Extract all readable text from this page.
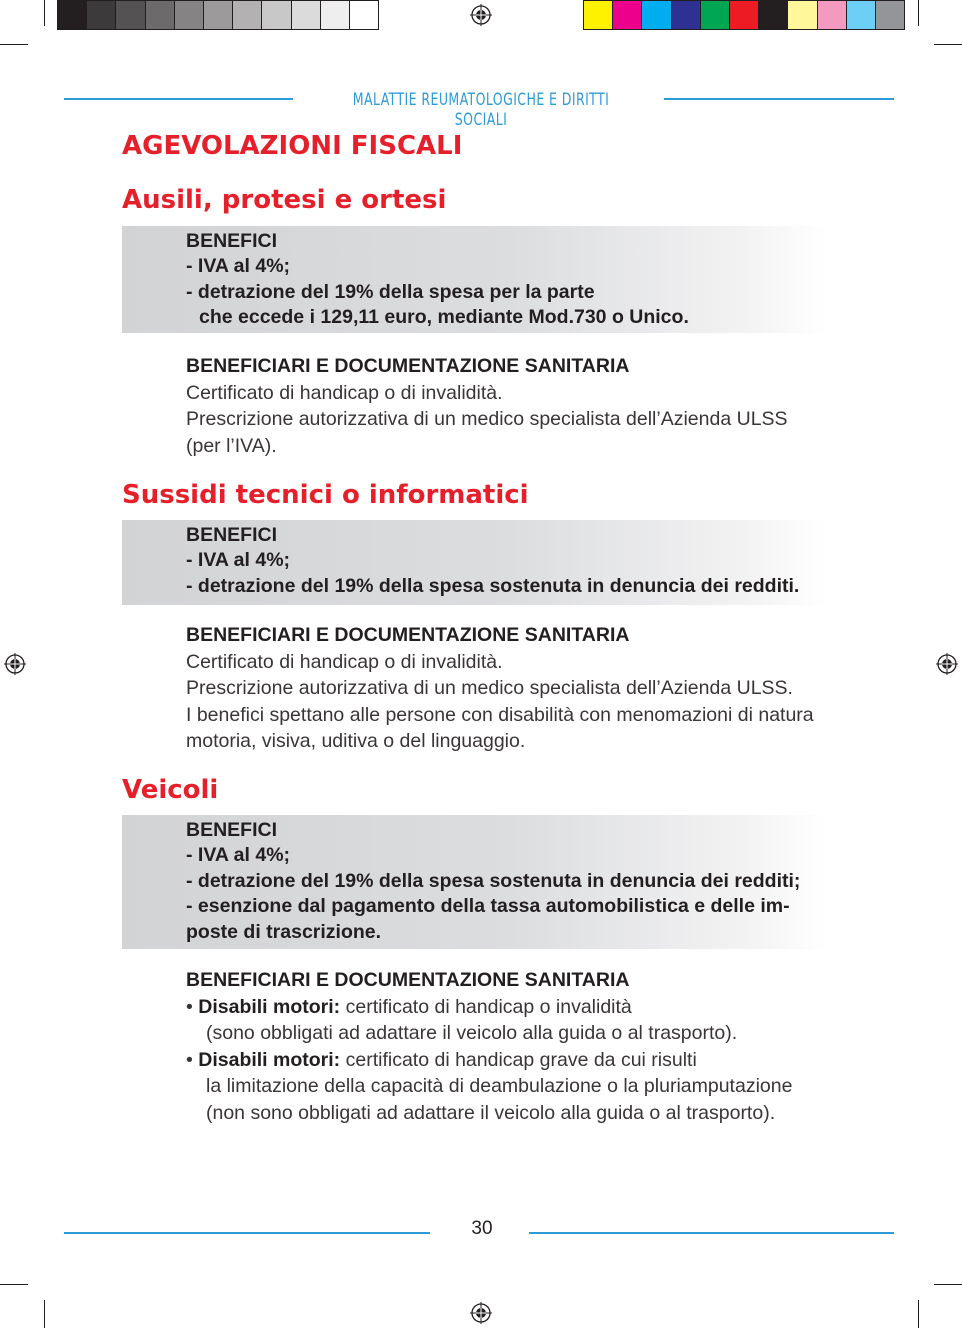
MALATTIE REUMATOLOGICHE E DIRITTI SOCIALI
AGEVOLAZIONI FISCALI
Ausili, protesi e ortesi
BENEFICI
- IVA al 4%;
- detrazione del 19% della spesa per la parte
che eccede i 129,11 euro, mediante Mod.730 o Unico.
BENEFICIARI E DOCUMENTAZIONE SANITARIA
Certificato di handicap o di invalidità.
Prescrizione autorizzativa di un medico specialista dell’Azienda ULSS
(per l’IVA).
Sussidi tecnici o informatici
BENEFICI
- IVA al 4%;
- detrazione del 19% della spesa sostenuta in denuncia dei redditi.
BENEFICIARI E DOCUMENTAZIONE SANITARIA
Certificato di handicap o di invalidità.
Prescrizione autorizzativa di un medico specialista dell’Azienda ULSS.
I benefici spettano alle persone con disabilità con menomazioni di natura
motoria, visiva, uditiva o del linguaggio.
Veicoli
BENEFICI
- IVA al 4%;
- detrazione del 19% della spesa sostenuta in denuncia dei redditi;
- esenzione dal pagamento della tassa automobilistica e delle im-
poste di trascrizione.
BENEFICIARI E DOCUMENTAZIONE SANITARIA
• Disabili motori: certificato di handicap o invalidità
(sono obbligati ad adattare il veicolo alla guida o al trasporto).
• Disabili motori: certificato di handicap grave da cui risulti
la limitazione della capacità di deambulazione o la pluriamputazione
(non sono obbligati ad adattare il veicolo alla guida o al trasporto).
30
